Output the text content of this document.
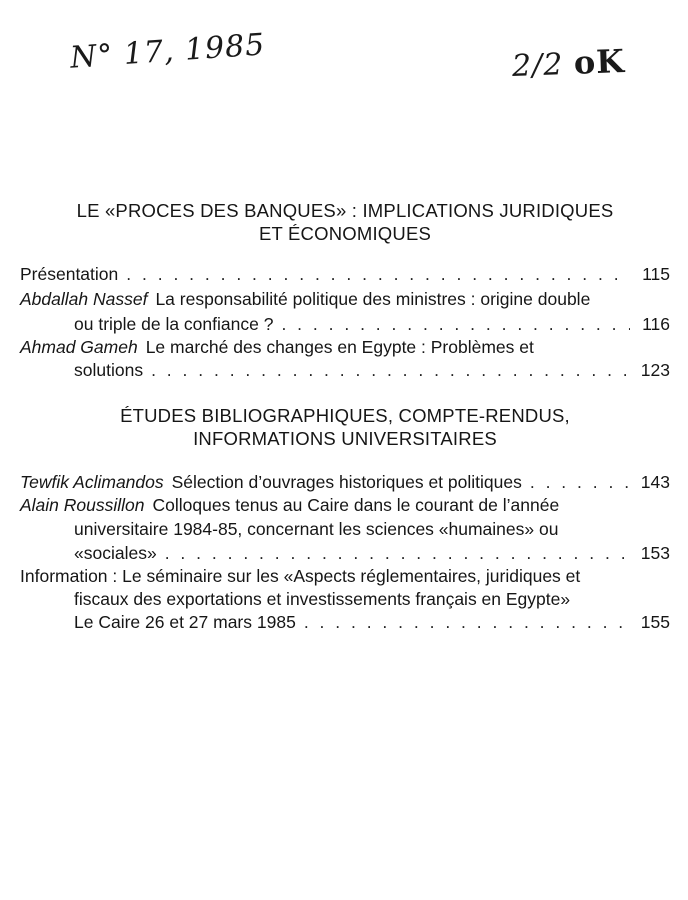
N° 17, 1985	2/2 oK
LE «PROCES DES BANQUES» : IMPLICATIONS JURIDIQUES
ET ÉCONOMIQUES
Présentation . . .	115
Abdallah Nassef La responsabilité politique des ministres : origine double
ou triple de la confiance ? . . .	116
Ahmad Gameh Le marché des changes en Egypte : Problèmes et
solutions . . .	123
ÉTUDES BIBLIOGRAPHIQUES, COMPTE-RENDUS,
INFORMATIONS UNIVERSITAIRES
Tewfik Aclimandos Sélection d’ouvrages historiques et politiques . . .	143
Alain Roussillon Colloques tenus au Caire dans le courant de l’année
universitaire 1984-85, concernant les sciences «humaines» ou
«sociales» . . .	153
Information : Le séminaire sur les «Aspects réglementaires, juridiques et
fiscaux des exportations et investissements français en Egypte»
Le Caire 26 et 27 mars 1985 . . .	155
